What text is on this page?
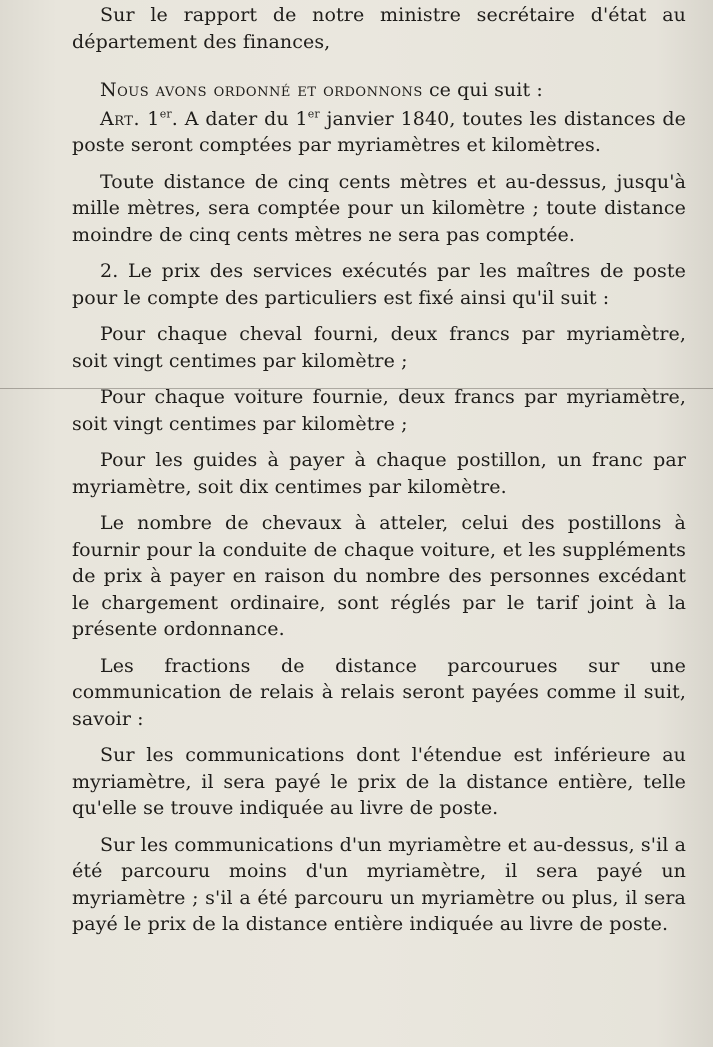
Sur le rapport de notre ministre secrétaire d'état au département des finances,

Nous avons ordonné et ordonnons ce qui suit :

Art. 1er. A dater du 1er janvier 1840, toutes les distances de poste seront comptées par myriamètres et kilomètres.

Toute distance de cinq cents mètres et au-dessus, jusqu'à mille mètres, sera comptée pour un kilomètre ; toute distance moindre de cinq cents mètres ne sera pas comptée.

2. Le prix des services exécutés par les maîtres de poste pour le compte des particuliers est fixé ainsi qu'il suit :

Pour chaque cheval fourni, deux francs par myriamètre, soit vingt centimes par kilomètre ;

Pour chaque voiture fournie, deux francs par myriamètre, soit vingt centimes par kilomètre ;

Pour les guides à payer à chaque postillon, un franc par myriamètre, soit dix centimes par kilomètre.

Le nombre de chevaux à atteler, celui des postillons à fournir pour la conduite de chaque voiture, et les suppléments de prix à payer en raison du nombre des personnes excédant le chargement ordinaire, sont réglés par le tarif joint à la présente ordonnance.

Les fractions de distance parcourues sur une communication de relais à relais seront payées comme il suit, savoir :

Sur les communications dont l'étendue est inférieure au myriamètre, il sera payé le prix de la distance entière, telle qu'elle se trouve indiquée au livre de poste.

Sur les communications d'un myriamètre et au-dessus, s'il a été parcouru moins d'un myriamètre, il sera payé un myriamètre ; s'il a été parcouru un myriamètre ou plus, il sera payé le prix de la distance entière indiquée au livre de poste.
